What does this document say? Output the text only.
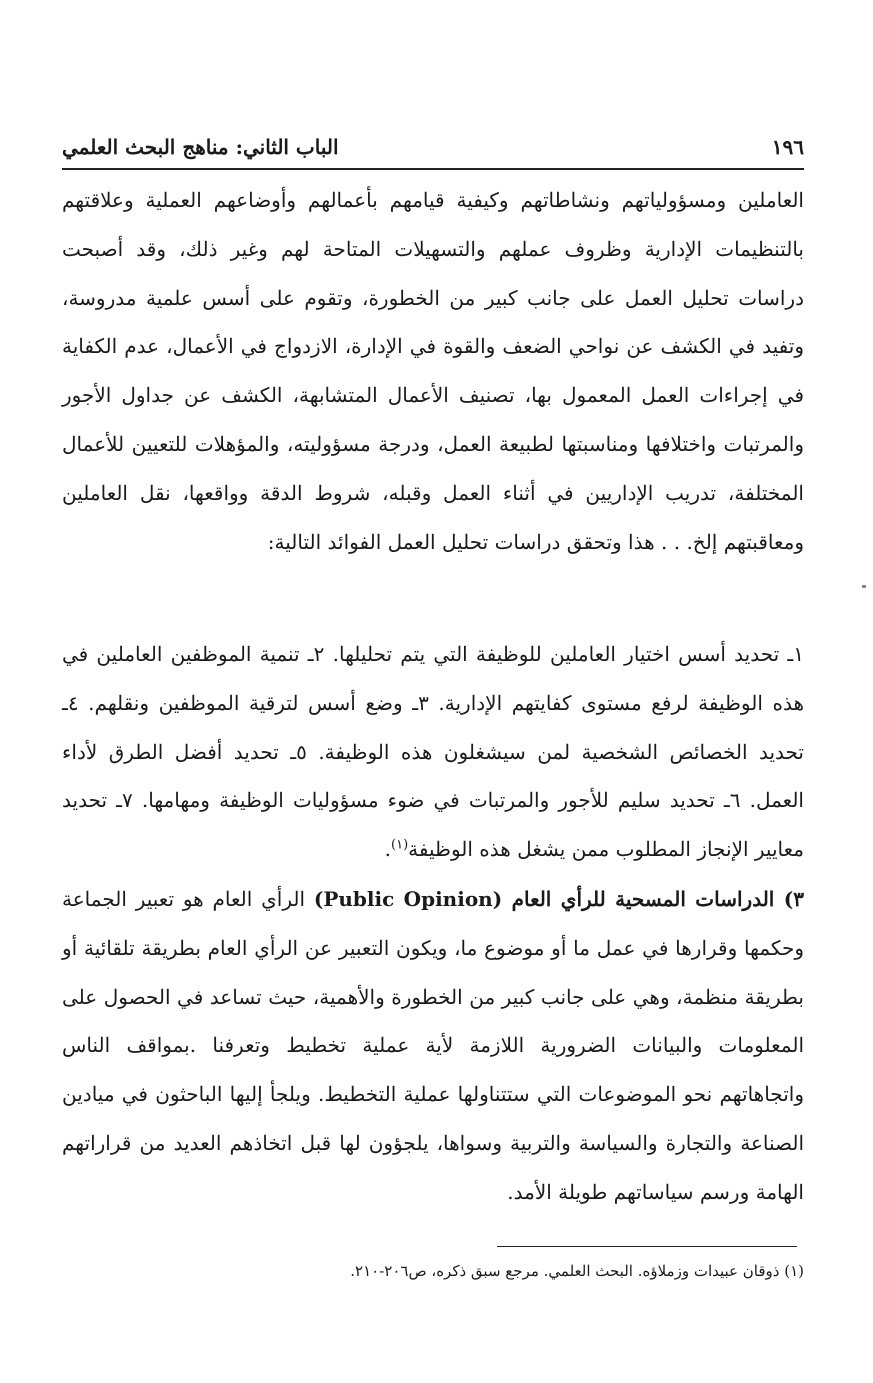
١٩٦
الباب الثاني: مناهج البحث العلمي

العاملين ومسؤولياتهم ونشاطاتهم وكيفية قيامهم بأعمالهم وأوضاعهم العملية وعلاقتهم بالتنظيمات الإدارية وظروف عملهم والتسهيلات المتاحة لهم وغير ذلك، وقد أصبحت دراسات تحليل العمل على جانب كبير من الخطورة، وتقوم على أسس علمية مدروسة، وتفيد في الكشف عن نواحي الضعف والقوة في الإدارة، الازدواج في الأعمال، عدم الكفاية في إجراءات العمل المعمول بها، تصنيف الأعمال المتشابهة، الكشف عن جداول الأجور والمرتبات واختلافها ومناسبتها لطبيعة العمل، ودرجة مسؤوليته، والمؤهلات للتعيين للأعمال المختلفة، تدريب الإداريين في أثناء العمل وقبله، شروط الدقة وواقعها، نقل العاملين ومعاقبتهم إلخ. . . هذا وتحقق دراسات تحليل العمل الفوائد التالية:

١ـ تحديد أسس اختيار العاملين للوظيفة التي يتم تحليلها. ٢ـ تنمية الموظفين العاملين في هذه الوظيفة لرفع مستوى كفايتهم الإدارية. ٣ـ وضع أسس لترقية الموظفين ونقلهم. ٤ـ تحديد الخصائص الشخصية لمن سيشغلون هذه الوظيفة. ٥ـ تحديد أفضل الطرق لأداء العمل. ٦ـ تحديد سليم للأجور والمرتبات في ضوء مسؤوليات الوظيفة ومهامها. ٧ـ تحديد معايير الإنجاز المطلوب ممن يشغل هذه الوظيفة$^{(١)}$.

٣) الدراسات المسحية للرأي العام (Public Opinion) الرأي العام هو تعبير الجماعة وحكمها وقرارها في عمل ما أو موضوع ما، ويكون التعبير عن الرأي العام بطريقة تلقائية أو بطريقة منظمة، وهي على جانب كبير من الخطورة والأهمية، حيث تساعد في الحصول على المعلومات والبيانات الضرورية اللازمة لأية عملية تخطيط وتعرفنا .بمواقف الناس واتجاهاتهم نحو الموضوعات التي ستتناولها عملية التخطيط. ويلجأ إليها الباحثون في ميادين الصناعة والتجارة والسياسة والتربية وسواها، يلجؤون لها قبل اتخاذهم العديد من قراراتهم الهامة ورسم سياساتهم طويلة الأمد.

(١) ذوقان عبيدات وزملاؤه. البحث العلمي. مرجع سبق ذكره، ص٢٠٦-٢١٠.
